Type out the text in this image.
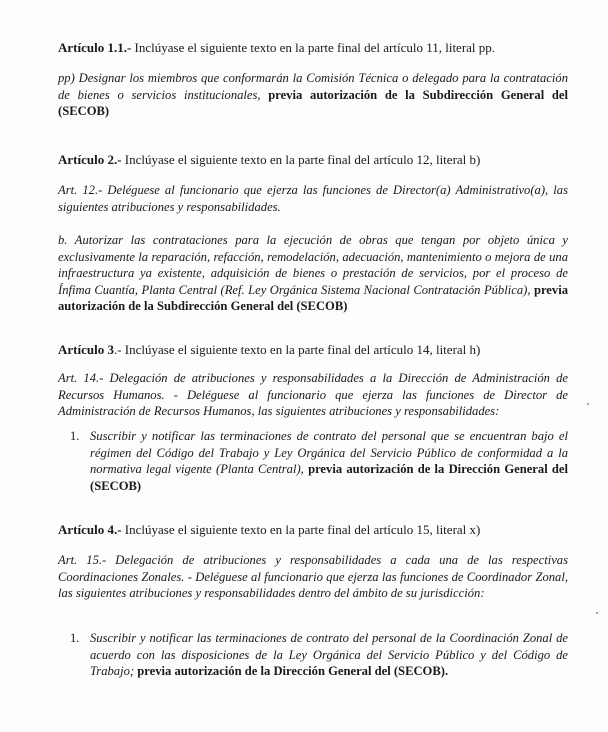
Artículo 1.1.- Inclúyase el siguiente texto en la parte final del artículo 11, literal pp.
pp) Designar los miembros que conformarán la Comisión Técnica o delegado para la contratación de bienes o servicios institucionales, previa autorización de la Subdirección General del (SECOB)
Artículo 2.- Inclúyase el siguiente texto en la parte final del artículo 12, literal b)
Art. 12.- Deléguese al funcionario que ejerza las funciones de Director(a) Administrativo(a), las siguientes atribuciones y responsabilidades.
b. Autorizar las contrataciones para la ejecución de obras que tengan por objeto única y exclusivamente la reparación, refacción, remodelación, adecuación, mantenimiento o mejora de una infraestructura ya existente, adquisición de bienes o prestación de servicios, por el proceso de Ínfima Cuantía, Planta Central (Ref. Ley Orgánica Sistema Nacional Contratación Pública), previa autorización de la Subdirección General del (SECOB)
Artículo 3.- Inclúyase el siguiente texto en la parte final del artículo 14, literal h)
Art. 14.- Delegación de atribuciones y responsabilidades a la Dirección de Administración de Recursos Humanos. - Deléguese al funcionario que ejerza las funciones de Director de Administración de Recursos Humanos, las siguientes atribuciones y responsabilidades:
1. Suscribir y notificar las terminaciones de contrato del personal que se encuentran bajo el régimen del Código del Trabajo y Ley Orgánica del Servicio Público de conformidad a la normativa legal vigente (Planta Central), previa autorización de la Dirección General del (SECOB)
Artículo 4.- Inclúyase el siguiente texto en la parte final del artículo 15, literal x)
Art. 15.- Delegación de atribuciones y responsabilidades a cada una de las respectivas Coordinaciones Zonales. - Deléguese al funcionario que ejerza las funciones de Coordinador Zonal, las siguientes atribuciones y responsabilidades dentro del ámbito de su jurisdicción:
1. Suscribir y notificar las terminaciones de contrato del personal de la Coordinación Zonal de acuerdo con las disposiciones de la Ley Orgánica del Servicio Público y del Código de Trabajo; previa autorización de la Dirección General del (SECOB).
